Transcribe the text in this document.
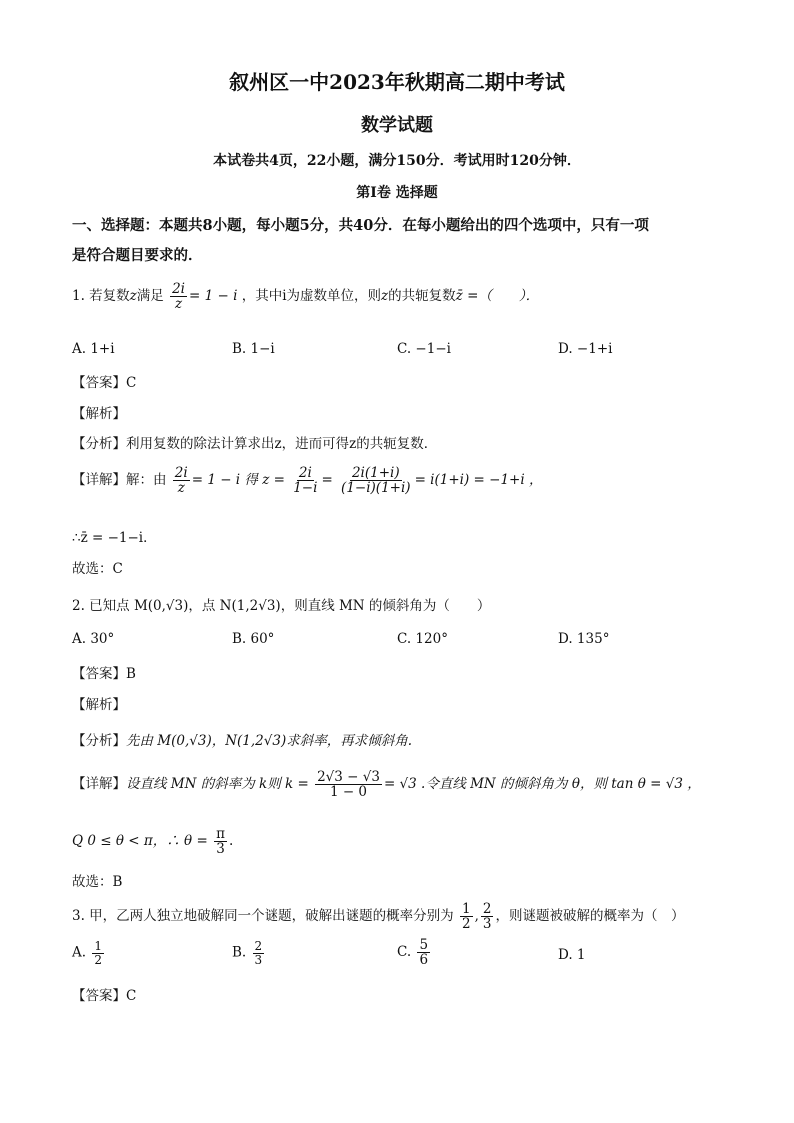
叙州区一中2023年秋期高二期中考试
数学试题
本试卷共4页，22小题，满分150分．考试用时120分钟．
第I卷 选择题
一、选择题：本题共8小题，每小题5分，共40分．在每小题给出的四个选项中，只有一项
是符合题目要求的．
1. 若复数z满足 $\frac{2i}{z} = 1 - i$ ，其中i为虚数单位，则z的共轭复数z̄ =（　　）．
A. 1+i	B. 1−i	C. −1−i	D. −1+i
【答案】C
【解析】
【分析】利用复数的除法计算求出z，进而可得z的共轭复数．
【详解】解：由 $\frac{2i}{z} = 1 - i$ 得 $z = \frac{2i}{1-i} = \frac{2i(1+i)}{(1-i)(1+i)} = i(1+i) = -1+i$ ，
∴z̄ = −1−i．
故选：C
2. 已知点 M(0,√3)，点 N(1,2√3)，则直线 MN 的倾斜角为（　　）
A. 30°	B. 60°	C. 120°	D. 135°
【答案】B
【解析】
【分析】先由 M(0,√3)，N(1,2√3)求斜率，再求倾斜角.
【详解】设直线 MN 的斜率为 k则 $k = \frac{2√3 - √3}{1 - 0} = √3$ .令直线 MN 的倾斜角为 θ，则 tan θ = √3 ，
Q 0 ≤ θ < π，∴ $\theta = \frac{\pi}{3}$ .
故选：B
3. 甲，乙两人独立地破解同一个谜题，破解出谜题的概率分别为 $\frac{1}{2}$ , $\frac{2}{3}$ ，则谜题被破解的概率为（　）
A. $\frac{1}{2}$	B. $\frac{2}{3}$	C. $\frac{5}{6}$	D. 1
【答案】C
